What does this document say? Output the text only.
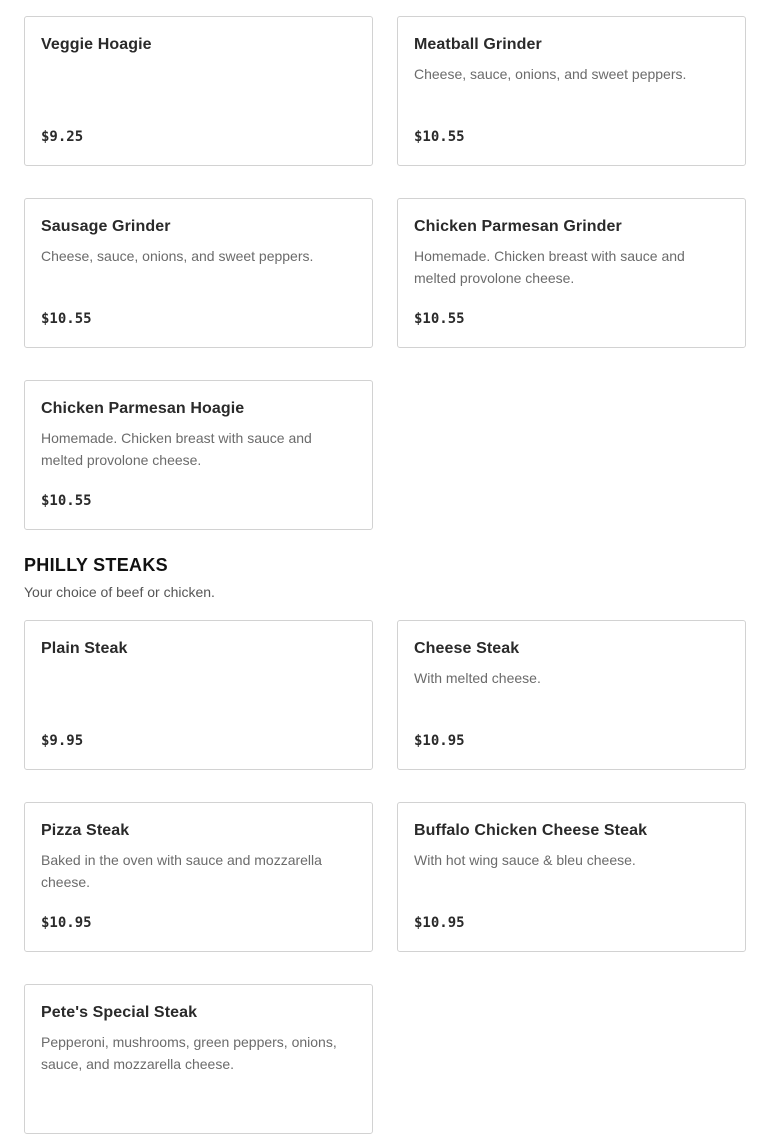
Veggie Hoagie
$9.25
Meatball Grinder
Cheese, sauce, onions, and sweet peppers.
$10.55
Sausage Grinder
Cheese, sauce, onions, and sweet peppers.
$10.55
Chicken Parmesan Grinder
Homemade. Chicken breast with sauce and melted provolone cheese.
$10.55
Chicken Parmesan Hoagie
Homemade. Chicken breast with sauce and melted provolone cheese.
$10.55
PHILLY STEAKS

Your choice of beef or chicken.

Plain Steak
$9.95
Cheese Steak
With melted cheese.
$10.95
Pizza Steak
Baked in the oven with sauce and mozzarella cheese.
$10.95
Buffalo Chicken Cheese Steak
With hot wing sauce & bleu cheese.
$10.95
Pete's Special Steak
Pepperoni, mushrooms, green peppers, onions, sauce, and mozzarella cheese.
